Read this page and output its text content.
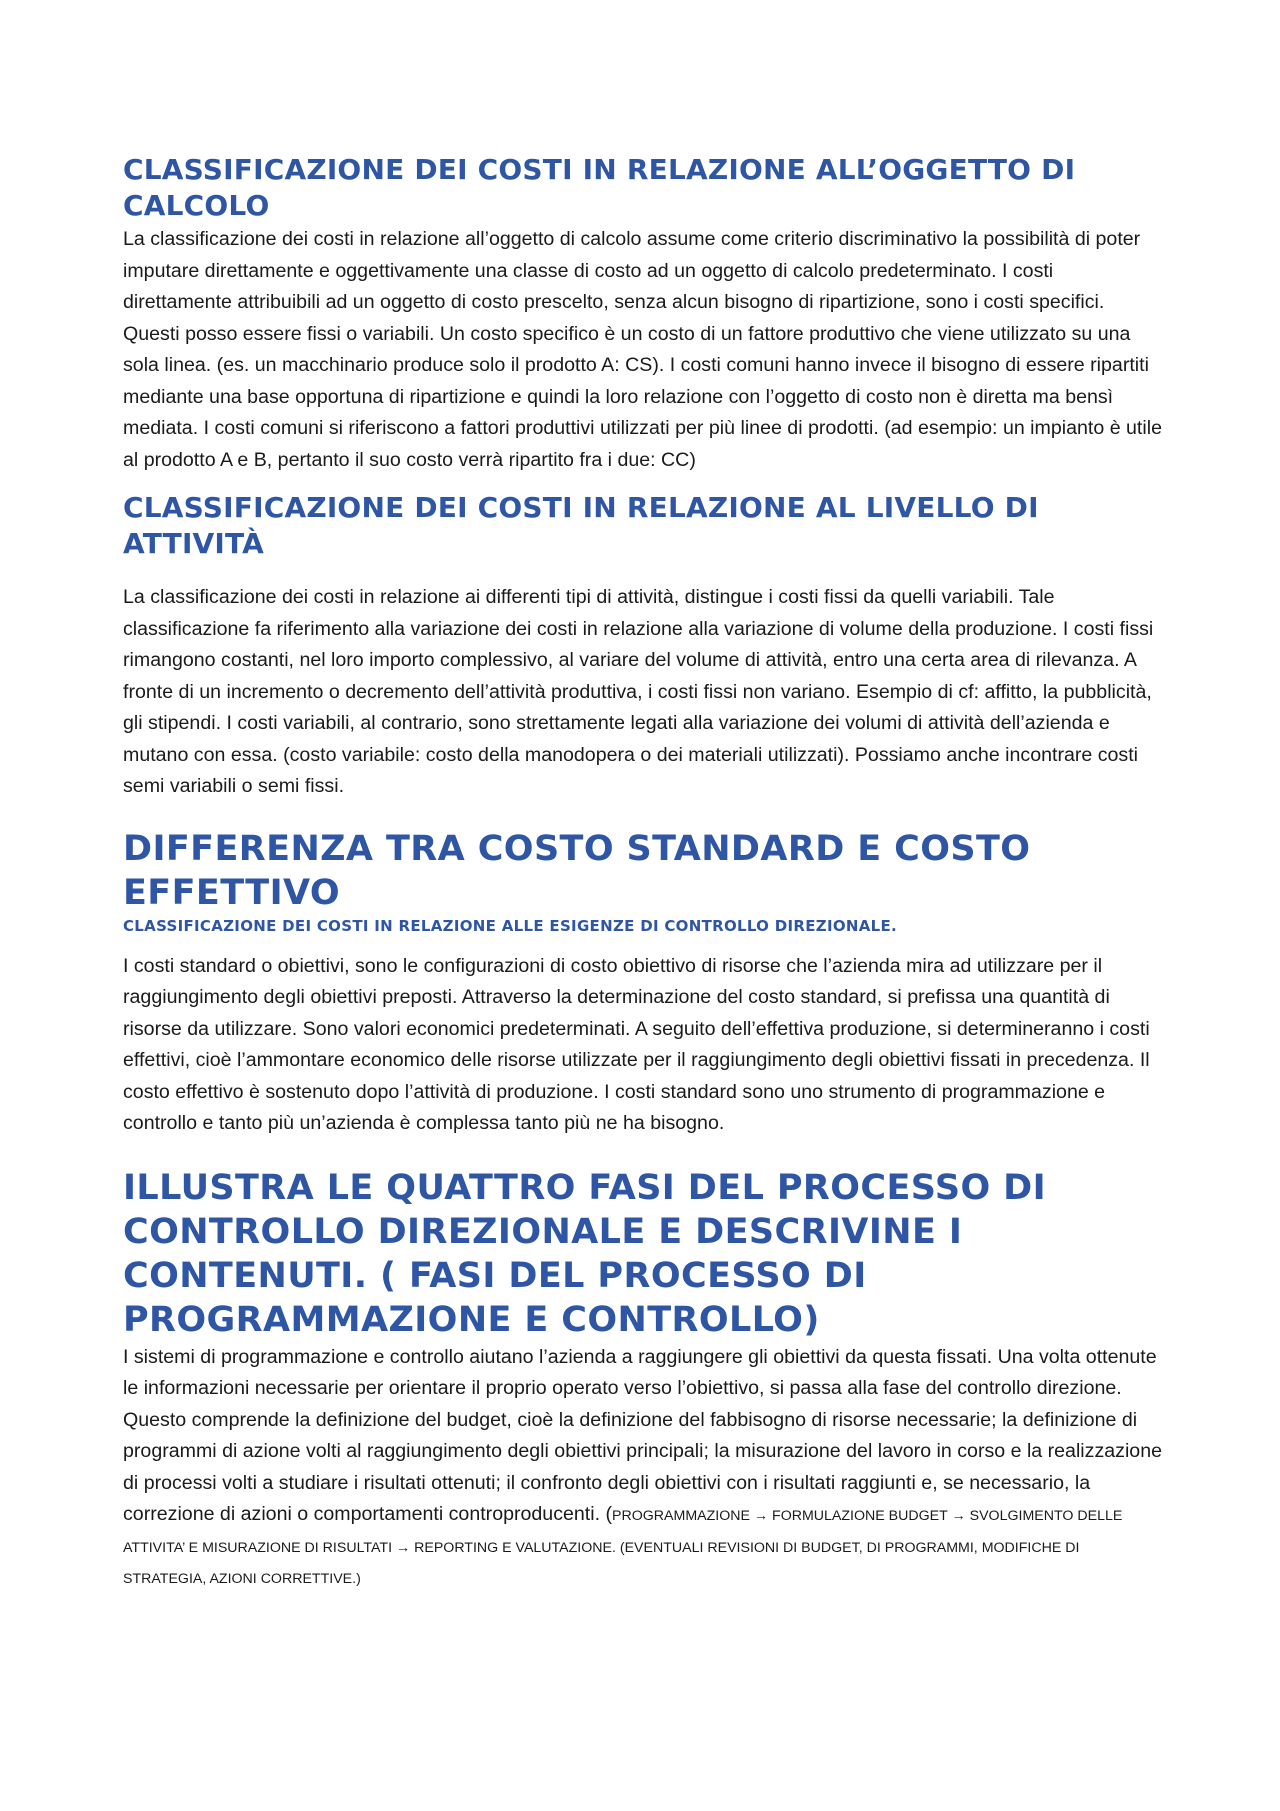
CLASSIFICAZIONE DEI COSTI IN RELAZIONE ALL’OGGETTO DI CALCOLO

La classificazione dei costi in relazione all’oggetto di calcolo assume come criterio discriminativo la possibilità di poter imputare direttamente e oggettivamente una classe di costo ad un oggetto di calcolo predeterminato. I costi direttamente attribuibili ad un oggetto di costo prescelto, senza alcun bisogno di ripartizione, sono i costi specifici. Questi posso essere fissi o variabili. Un costo specifico è un costo di un fattore produttivo che viene utilizzato su una sola linea. (es. un macchinario produce solo il prodotto A: CS). I costi comuni hanno invece il bisogno di essere ripartiti mediante una base opportuna di ripartizione e quindi la loro relazione con l’oggetto di costo non è diretta ma bensì mediata. I costi comuni si riferiscono a fattori produttivi utilizzati per più linee di prodotti. (ad esempio: un impianto è utile al prodotto A e B, pertanto il suo costo verrà ripartito fra i due: CC)

CLASSIFICAZIONE DEI COSTI IN RELAZIONE AL LIVELLO DI ATTIVITÀ

La classificazione dei costi in relazione ai differenti tipi di attività, distingue i costi fissi da quelli variabili. Tale classificazione fa riferimento alla variazione dei costi in relazione alla variazione di volume della produzione. I costi fissi rimangono costanti, nel loro importo complessivo, al variare del volume di attività, entro una certa area di rilevanza. A fronte di un incremento o decremento dell’attività produttiva, i costi fissi non variano. Esempio di cf: affitto, la pubblicità, gli stipendi. I costi variabili, al contrario, sono strettamente legati alla variazione dei volumi di attività dell’azienda e mutano con essa. (costo variabile: costo della manodopera o dei materiali utilizzati). Possiamo anche incontrare costi semi variabili o semi fissi.

DIFFERENZA TRA COSTO STANDARD E COSTO EFFETTIVO
CLASSIFICAZIONE DEI COSTI IN RELAZIONE ALLE ESIGENZE DI CONTROLLO DIREZIONALE.

I costi standard o obiettivi, sono le configurazioni di costo obiettivo di risorse che l’azienda mira ad utilizzare per il raggiungimento degli obiettivi preposti. Attraverso la determinazione del costo standard, si prefissa una quantità di risorse da utilizzare. Sono valori economici predeterminati. A seguito dell’effettiva produzione, si determineranno i costi effettivi, cioè l’ammontare economico delle risorse utilizzate per il raggiungimento degli obiettivi fissati in precedenza. Il costo effettivo è sostenuto dopo l’attività di produzione. I costi standard sono uno strumento di programmazione e controllo e tanto più un’azienda è complessa tanto più ne ha bisogno.

ILLUSTRA LE QUATTRO FASI DEL PROCESSO DI CONTROLLO DIREZIONALE E DESCRIVINE I CONTENUTI. ( FASI DEL PROCESSO DI PROGRAMMAZIONE E CONTROLLO)

I sistemi di programmazione e controllo aiutano l’azienda a raggiungere gli obiettivi da questa fissati. Una volta ottenute le informazioni necessarie per orientare il proprio operato verso l’obiettivo, si passa alla fase del controllo direzione. Questo comprende la definizione del budget, cioè la definizione del fabbisogno di risorse necessarie; la definizione di programmi di azione volti al raggiungimento degli obiettivi principali; la misurazione del lavoro in corso e la realizzazione di processi volti a studiare i risultati ottenuti; il confronto degli obiettivi con i risultati raggiunti e, se necessario, la correzione di azioni o comportamenti controproducenti. (PROGRAMMAZIONE → FORMULAZIONE BUDGET → SVOLGIMENTO DELLE ATTIVITA’ E MISURAZIONE DI RISULTATI → REPORTING E VALUTAZIONE. (EVENTUALI REVISIONI DI BUDGET, DI PROGRAMMI, MODIFICHE DI STRATEGIA, AZIONI CORRETTIVE.)
